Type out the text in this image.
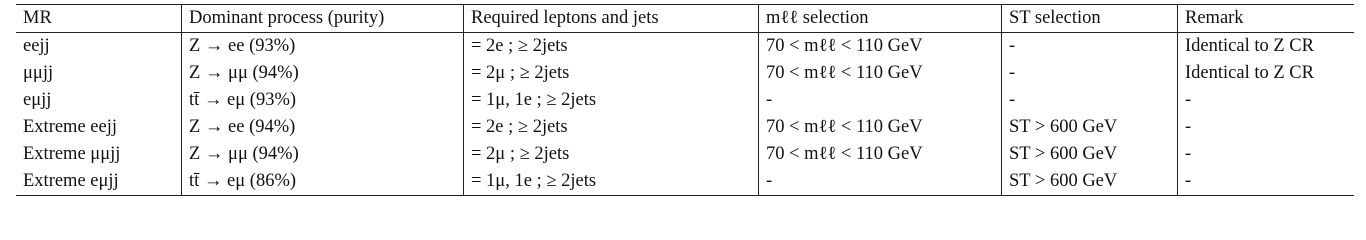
MR	Dominant process (purity)	Required leptons and jets	mℓℓ selection	ST selection	Remark
eejj	Z → ee (93%)	= 2e ; ≥ 2jets	70 < mℓℓ < 110 GeV	-	Identical to Z CR
μμjj	Z → μμ (94%)	= 2μ ; ≥ 2jets	70 < mℓℓ < 110 GeV	-	Identical to Z CR
eμjj	tt̄ → eμ (93%)	= 1μ, 1e ; ≥ 2jets	-	-	-
Extreme eejj	Z → ee (94%)	= 2e ; ≥ 2jets	70 < mℓℓ < 110 GeV	ST > 600 GeV	-
Extreme μμjj	Z → μμ (94%)	= 2μ ; ≥ 2jets	70 < mℓℓ < 110 GeV	ST > 600 GeV	-
Extreme eμjj	tt̄ → eμ (86%)	= 1μ, 1e ; ≥ 2jets	-	ST > 600 GeV	-
